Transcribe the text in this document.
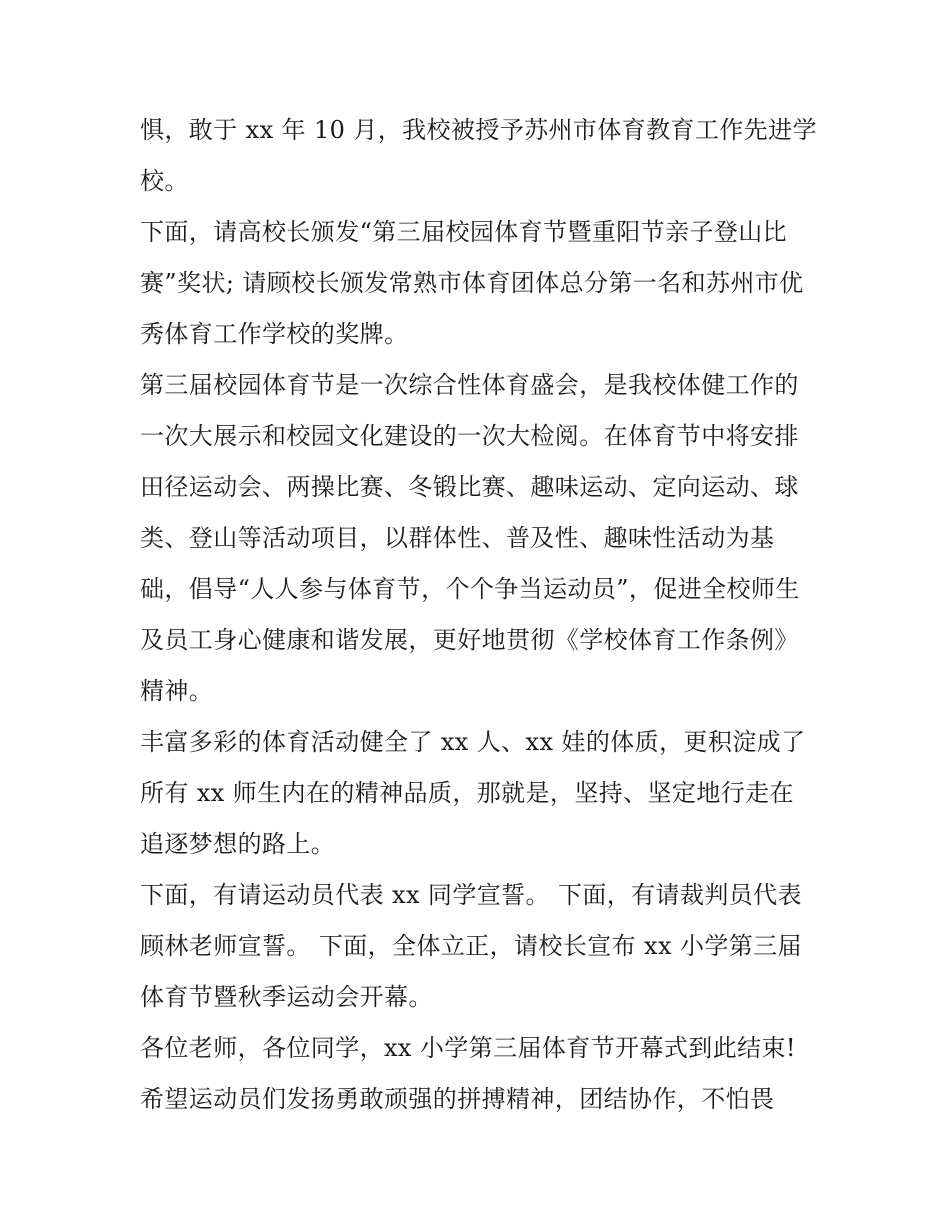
惧，敢于 xx 年 10 月，我校被授予苏州市体育教育工作先进学
校。

下面，请高校长颁发“第三届校园体育节暨重阳节亲子登山比
赛”奖状; 请顾校长颁发常熟市体育团体总分第一名和苏州市优
秀体育工作学校的奖牌。

第三届校园体育节是一次综合性体育盛会，是我校体健工作的
一次大展示和校园文化建设的一次大检阅。在体育节中将安排
田径运动会、两操比赛、冬锻比赛、趣味运动、定向运动、球
类、登山等活动项目，以群体性、普及性、趣味性活动为基
础，倡导“人人参与体育节，个个争当运动员”，促进全校师生
及员工身心健康和谐发展，更好地贯彻《学校体育工作条例》
精神。

丰富多彩的体育活动健全了 xx 人、xx 娃的体质，更积淀成了
所有 xx 师生内在的精神品质，那就是，坚持、坚定地行走在
追逐梦想的路上。

下面，有请运动员代表 xx 同学宣誓。 下面，有请裁判员代表
顾林老师宣誓。 下面，全体立正，请校长宣布 xx 小学第三届
体育节暨秋季运动会开幕。

各位老师，各位同学，xx 小学第三届体育节开幕式到此结束!
希望运动员们发扬勇敢顽强的拼搏精神，团结协作，不怕畏
